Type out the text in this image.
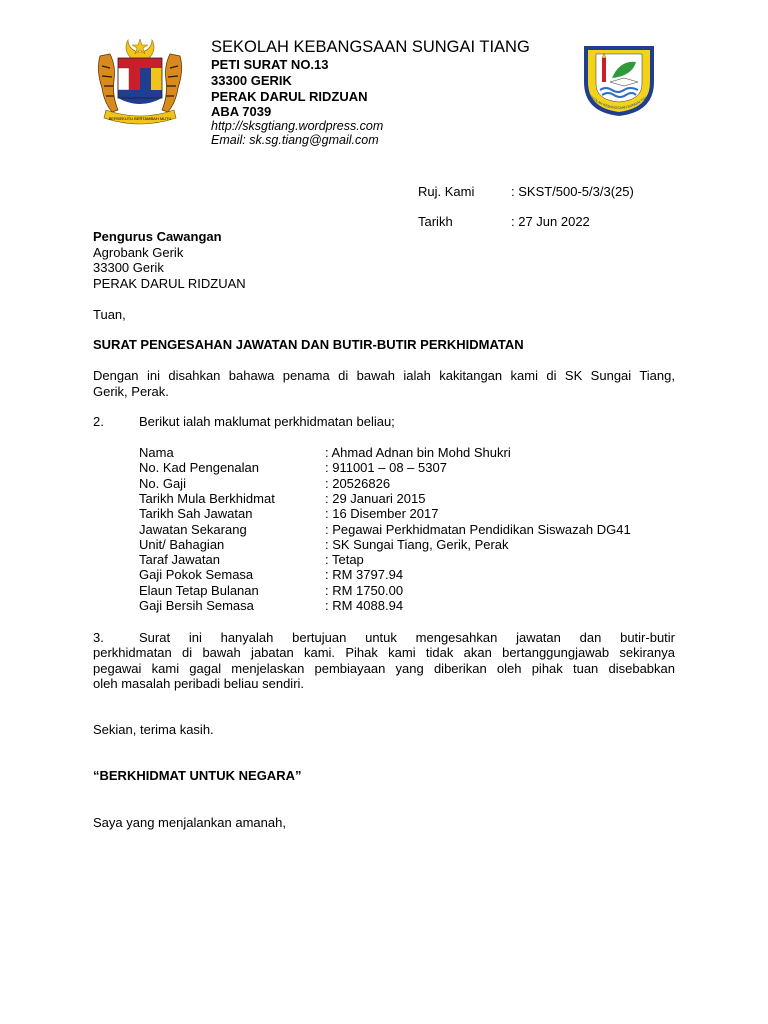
BERSEKUTU BERTAMBAH MUTU
SEKOLAH KEBANGSAAN SUNGAI TIANG
PETI SURAT NO.13
33300 GERIK
PERAK DARUL RIDZUAN
ABA 7039
http://sksgtiang.wordpress.com
Email: sk.sg.tiang@gmail.com
SEKOLAH KEBANGSAAN SUNGAI TIANG
Ruj. Kami	: SKST/500-5/3/3(25)
Tarikh	: 27 Jun 2022
Pengurus Cawangan
Agrobank Gerik
33300 Gerik
PERAK DARUL RIDZUAN
Tuan,
SURAT PENGESAHAN JAWATAN DAN BUTIR-BUTIR PERKHIDMATAN
Dengan ini disahkan bahawa penama di bawah ialah kakitangan kami di SK Sungai Tiang,
Gerik, Perak.
2.	Berikut ialah maklumat perkhidmatan beliau;
Nama	: Ahmad Adnan bin Mohd Shukri
No. Kad Pengenalan	: 911001 – 08 – 5307
No. Gaji	: 20526826
Tarikh Mula Berkhidmat	: 29 Januari 2015
Tarikh Sah Jawatan	: 16 Disember 2017
Jawatan Sekarang	: Pegawai Perkhidmatan Pendidikan Siswazah DG41
Unit/ Bahagian	: SK Sungai Tiang, Gerik, Perak
Taraf Jawatan	: Tetap
Gaji Pokok Semasa	: RM 3797.94
Elaun Tetap Bulanan	: RM 1750.00
Gaji Bersih Semasa	: RM 4088.94
3.	Surat ini hanyalah bertujuan untuk mengesahkan jawatan dan butir-butir
perkhidmatan di bawah jabatan kami. Pihak kami tidak akan bertanggungjawab sekiranya
pegawai kami gagal menjelaskan pembiayaan yang diberikan oleh pihak tuan disebabkan
oleh masalah peribadi beliau sendiri.
Sekian, terima kasih.
“BERKHIDMAT UNTUK NEGARA”
Saya yang menjalankan amanah,
